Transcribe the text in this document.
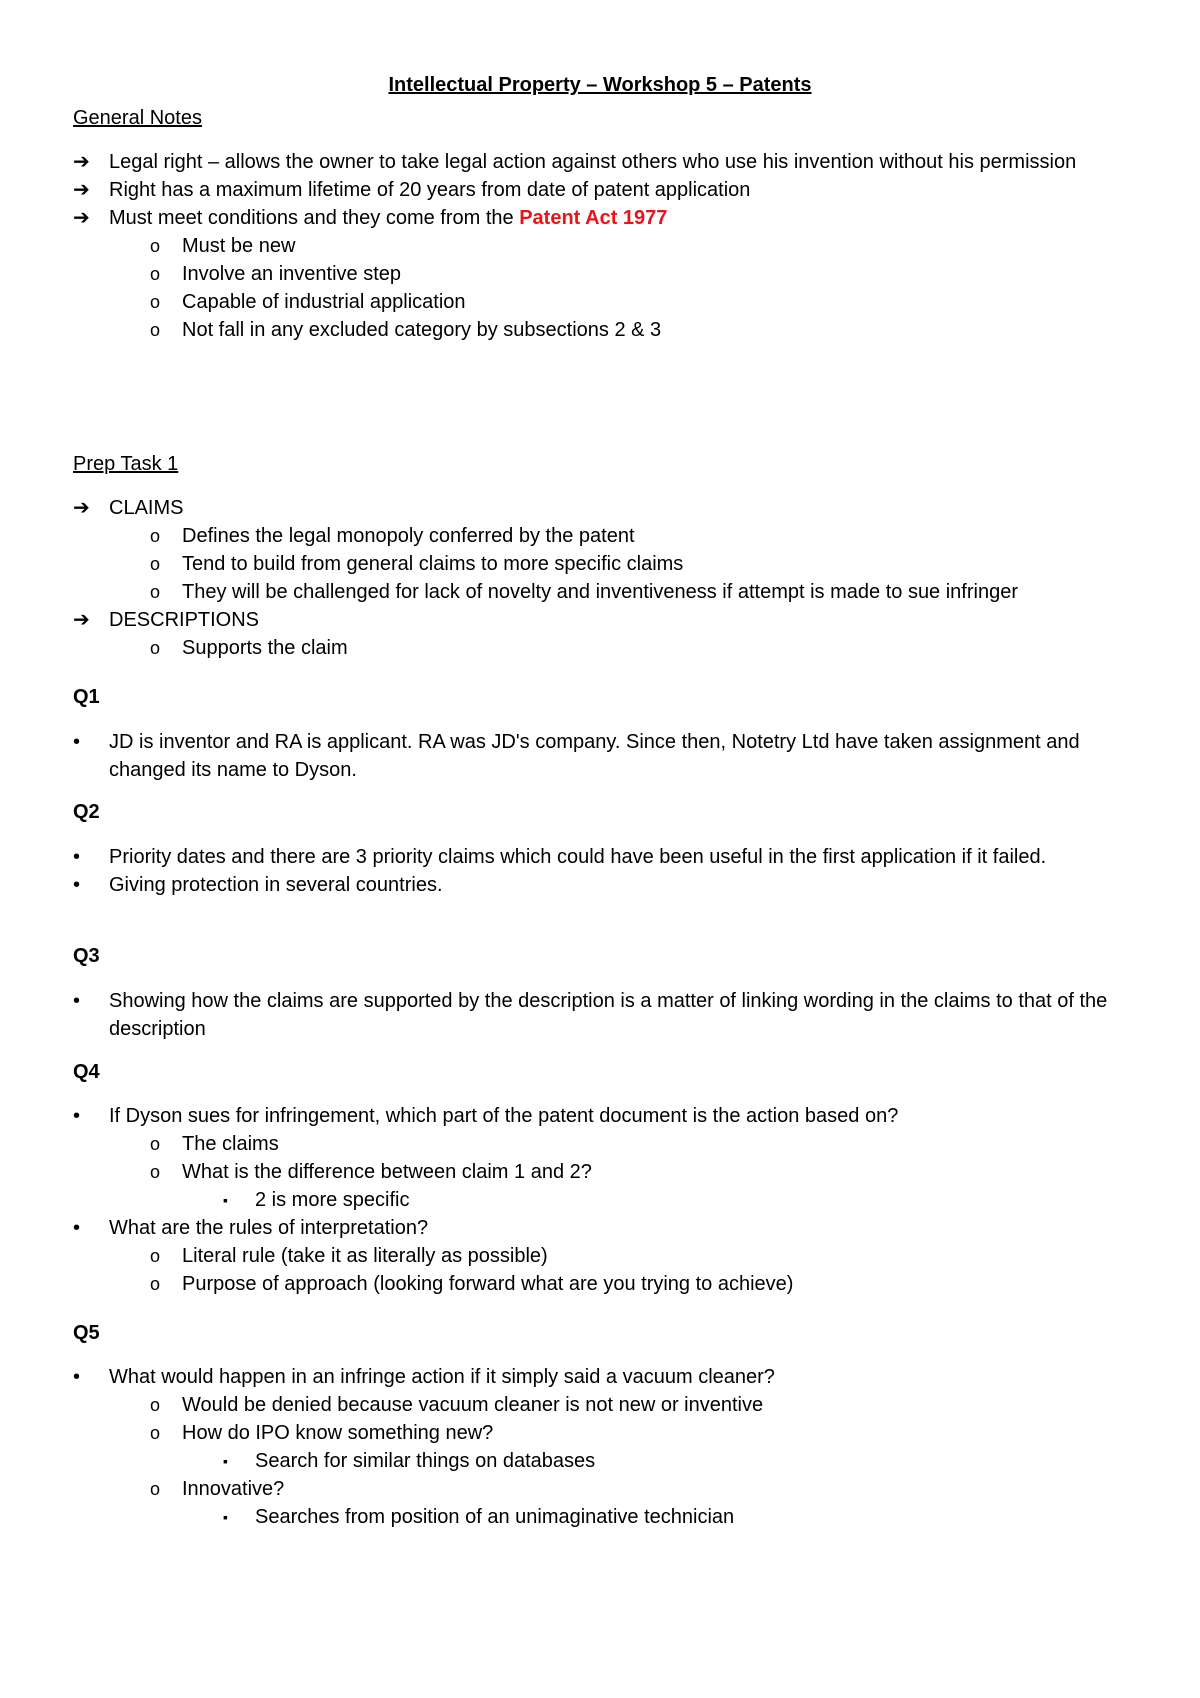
Intellectual Property – Workshop 5 – Patents
General Notes
➔ Legal right – allows the owner to take legal action against others who use his invention without his permission
➔ Right has a maximum lifetime of 20 years from date of patent application
➔ Must meet conditions and they come from the Patent Act 1977
o Must be new
o Involve an inventive step
o Capable of industrial application
o Not fall in any excluded category by subsections 2 & 3
Prep Task 1
➔ CLAIMS
o Defines the legal monopoly conferred by the patent
o Tend to build from general claims to more specific claims
o They will be challenged for lack of novelty and inventiveness if attempt is made to sue infringer
➔ DESCRIPTIONS
o Supports the claim
Q1
• JD is inventor and RA is applicant. RA was JD's company. Since then, Notetry Ltd have taken assignment and changed its name to Dyson.
Q2
• Priority dates and there are 3 priority claims which could have been useful in the first application if it failed.
• Giving protection in several countries.
Q3
• Showing how the claims are supported by the description is a matter of linking wording in the claims to that of the description
Q4
• If Dyson sues for infringement, which part of the patent document is the action based on?
o The claims
o What is the difference between claim 1 and 2?
▪ 2 is more specific
• What are the rules of interpretation?
o Literal rule (take it as literally as possible)
o Purpose of approach (looking forward what are you trying to achieve)
Q5
• What would happen in an infringe action if it simply said a vacuum cleaner?
o Would be denied because vacuum cleaner is not new or inventive
o How do IPO know something new?
▪ Search for similar things on databases
o Innovative?
▪ Searches from position of an unimaginative technician
